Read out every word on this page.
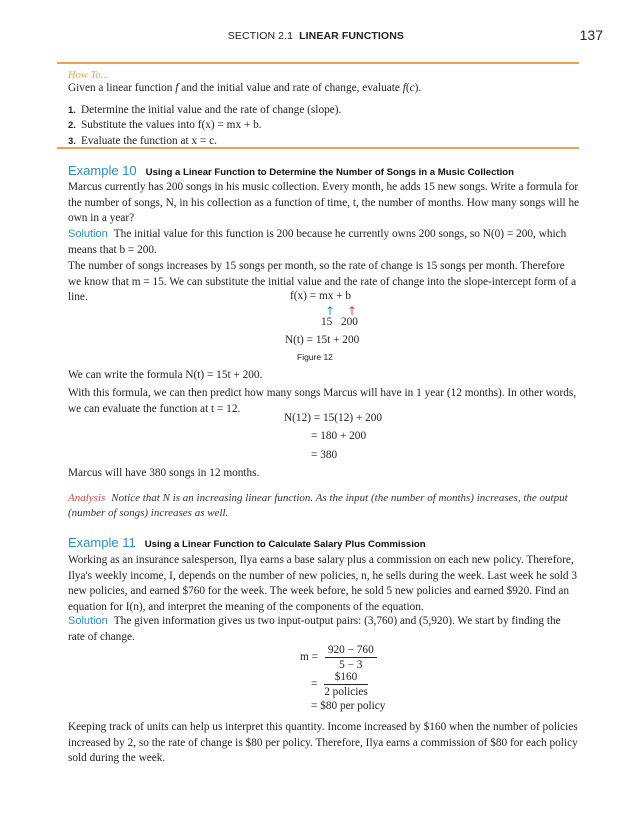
SECTION 2.1 LINEAR FUNCTIONS	137
How To...

Given a linear function f and the initial value and rate of change, evaluate f(c).

1. Determine the initial value and the rate of change (slope).
2. Substitute the values into f(x) = mx + b.
3. Evaluate the function at x = c.
Example 10 Using a Linear Function to Determine the Number of Songs in a Music Collection

Marcus currently has 200 songs in his music collection. Every month, he adds 15 new songs. Write a formula for the number of songs, N, in his collection as a function of time, t, the number of months. How many songs will he own in a year?

Solution The initial value for this function is 200 because he currently owns 200 songs, so N(0) = 200, which means that b = 200.

The number of songs increases by 15 songs per month, so the rate of change is 15 songs per month. Therefore we know that m = 15. We can substitute the initial value and the rate of change into the slope-intercept form of a line.	f(x) = mx + b
↑ ↑
15 200
N(t) = 15t + 200
Figure 12

We can write the formula N(t) = 15t + 200.

With this formula, we can then predict how many songs Marcus will have in 1 year (12 months). In other words, we can evaluate the function at t = 12.

N(12) = 15(12) + 200
= 180 + 200
= 380

Marcus will have 380 songs in 12 months.

Analysis Notice that N is an increasing linear function. As the input (the number of months) increases, the output (number of songs) increases as well.
Example 11 Using a Linear Function to Calculate Salary Plus Commission

Working as an insurance salesperson, Ilya earns a base salary plus a commission on each new policy. Therefore, Ilya's weekly income, I, depends on the number of new policies, n, he sells during the week. Last week he sold 3 new policies, and earned $760 for the week. The week before, he sold 5 new policies and earned $920. Find an equation for I(n), and interpret the meaning of the components of the equation.

Solution The given information gives us two input-output pairs: (3,760) and (5,920). We start by finding the rate of change.

$m = \frac{920 - 760}{5 - 3}$
= $\frac{\$160}{\text{2 policies}}$
= $80 per policy

Keeping track of units can help us interpret this quantity. Income increased by $160 when the number of policies increased by 2, so the rate of change is $80 per policy. Therefore, Ilya earns a commission of $80 for each policy sold during the week.
